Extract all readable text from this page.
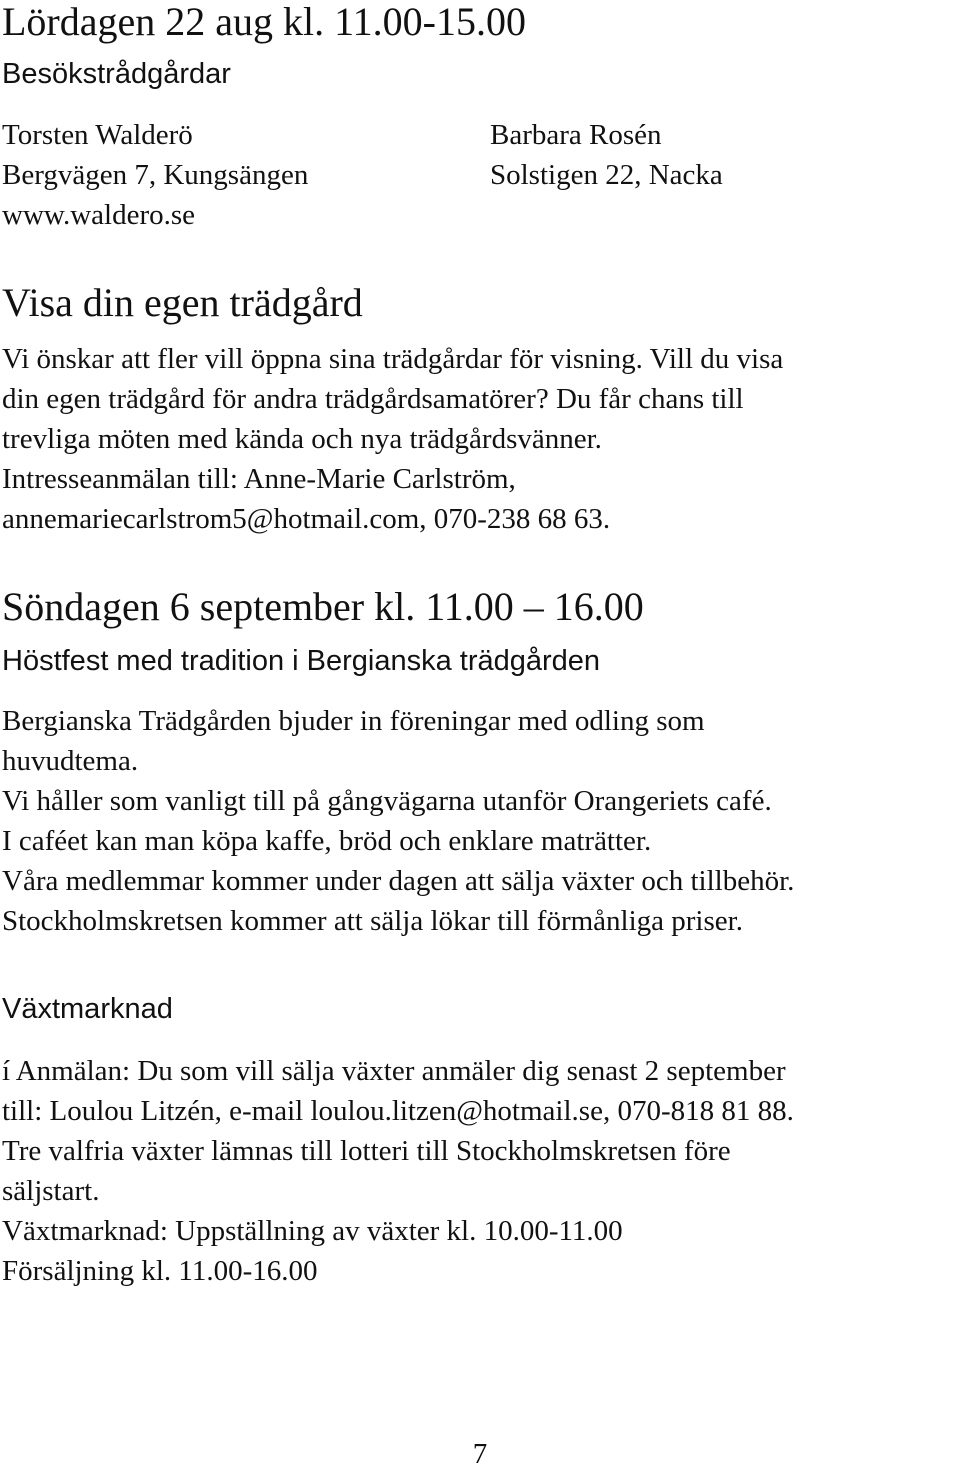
Lördagen 22 aug kl. 11.00-15.00
Besökstrådgårdar
Torsten Walderö
Bergvägen 7, Kungsängen
www.waldero.se
Barbara Rosén
Solstigen 22, Nacka
Visa din egen trädgård
Vi önskar att fler vill öppna sina trädgårdar för visning. Vill du visa
din egen trädgård för andra trädgårdsamatörer? Du får chans till
trevliga möten med kända och nya trädgårdsvänner.
Intresseanmälan till: Anne-Marie Carlström,
annemariecarlstrom5@hotmail.com, 070-238 68 63.
Söndagen 6 september kl. 11.00 – 16.00
Höstfest med tradition i Bergianska trädgården
Bergianska Trädgården bjuder in föreningar med odling som
huvudtema.
Vi håller som vanligt till på gångvägarna utanför Orangeriets café.
I caféet kan man köpa kaffe, bröd och enklare maträtter.
Våra medlemmar kommer under dagen att sälja växter och tillbehör.
Stockholmskretsen kommer att sälja lökar till förmånliga priser.
Växtmarknad
í Anmälan: Du som vill sälja växter anmäler dig senast 2 september
till: Loulou Litzén, e-mail loulou.litzen@hotmail.se, 070-818 81 88.
Tre valfria växter lämnas till lotteri till Stockholmskretsen före
säljstart.
Växtmarknad: Uppställning av växter kl. 10.00-11.00
Försäljning kl. 11.00-16.00
7
